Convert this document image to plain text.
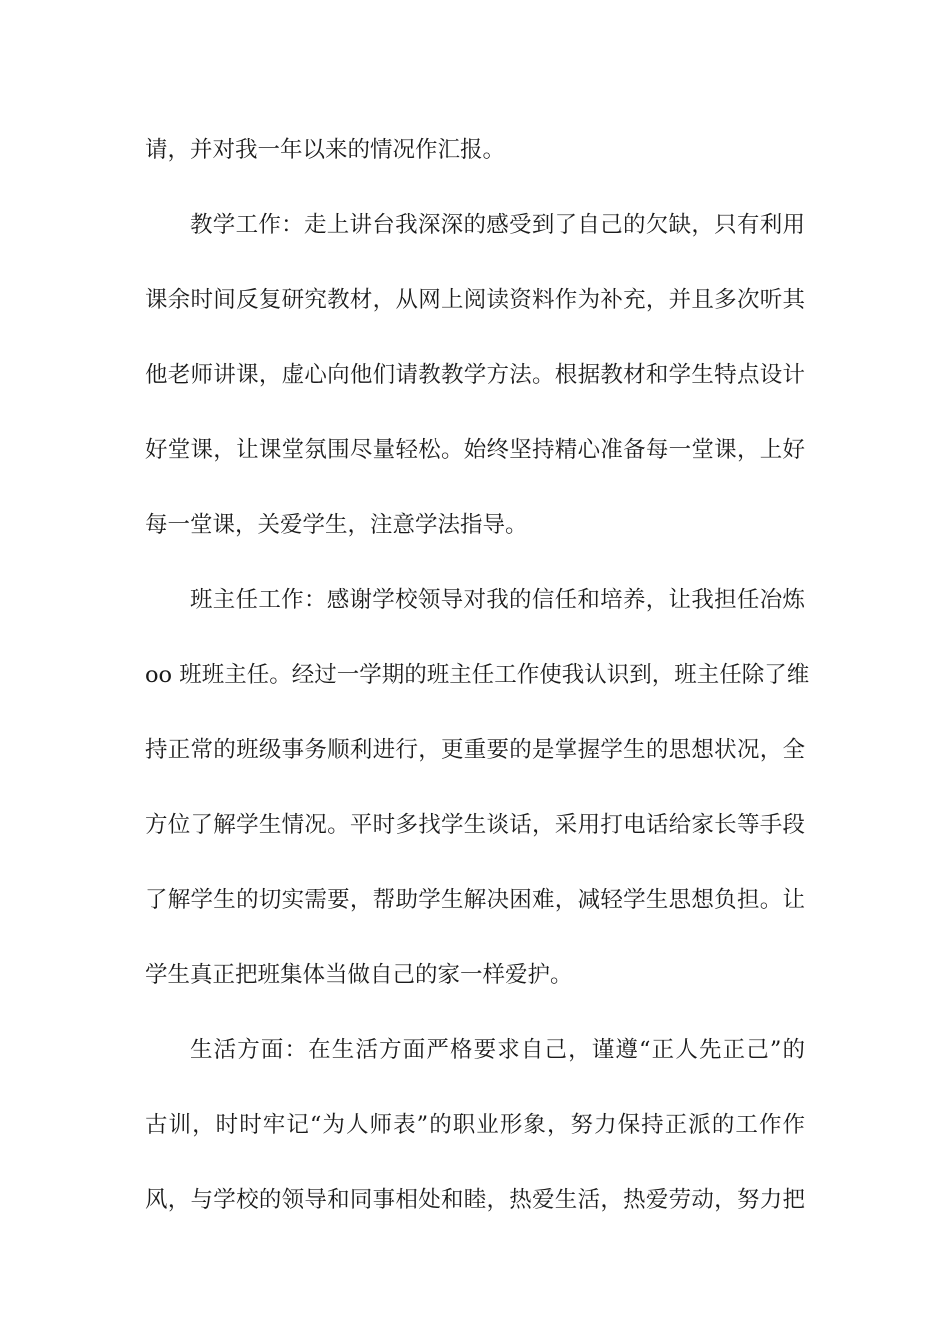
请，并对我一年以来的情况作汇报。
教学工作：走上讲台我深深的感受到了自己的欠缺，只有利用
课余时间反复研究教材，从网上阅读资料作为补充，并且多次听其
他老师讲课，虚心向他们请教教学方法。根据教材和学生特点设计
好堂课，让课堂氛围尽量轻松。始终坚持精心准备每一堂课，上好
每一堂课，关爱学生，注意学法指导。
班主任工作：感谢学校领导对我的信任和培养，让我担任冶炼
oo 班班主任。经过一学期的班主任工作使我认识到，班主任除了维
持正常的班级事务顺利进行，更重要的是掌握学生的思想状况，全
方位了解学生情况。平时多找学生谈话，采用打电话给家长等手段
了解学生的切实需要，帮助学生解决困难，减轻学生思想负担。让
学生真正把班集体当做自己的家一样爱护。
生活方面：在生活方面严格要求自己，谨遵“正人先正己”的
古训，时时牢记“为人师表”的职业形象，努力保持正派的工作作
风，与学校的领导和同事相处和睦，热爱生活，热爱劳动，努力把
